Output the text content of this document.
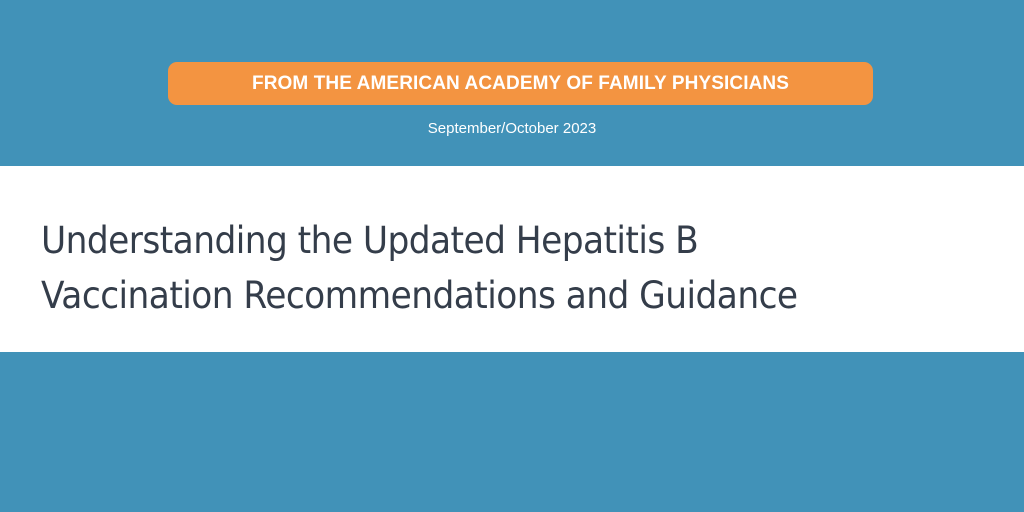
FROM THE AMERICAN ACADEMY OF FAMILY PHYSICIANS
September/October 2023
Understanding the Updated Hepatitis B
Vaccination Recommendations and Guidance
